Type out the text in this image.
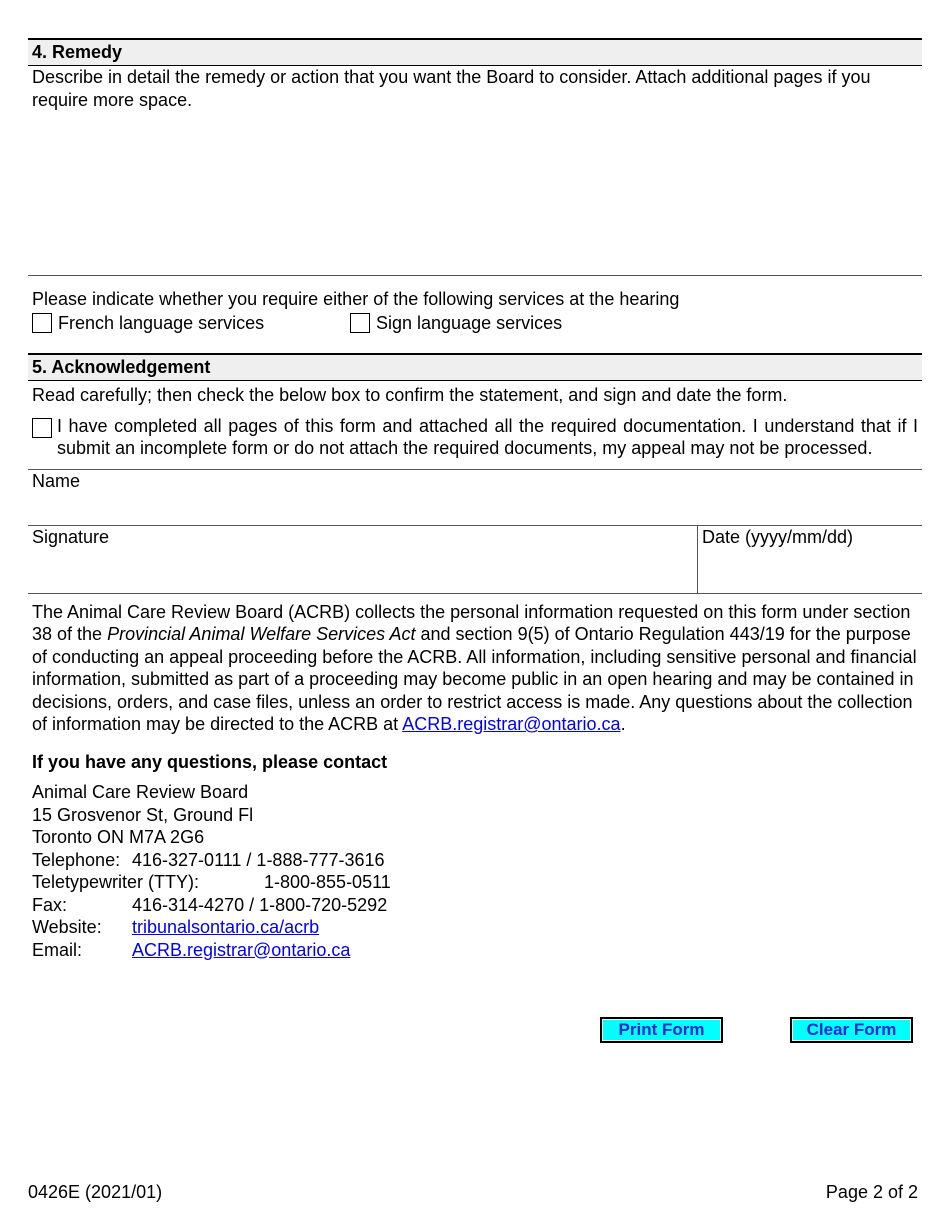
4. Remedy
Describe in detail the remedy or action that you want the Board to consider. Attach additional pages if you require more space.
Please indicate whether you require either of the following services at the hearing
French language services	Sign language services
5. Acknowledgement
Read carefully; then check the below box to confirm the statement, and sign and date the form.
I have completed all pages of this form and attached all the required documentation. I understand that if I submit an incomplete form or do not attach the required documents, my appeal may not be processed.
Name
Signature	Date (yyyy/mm/dd)
The Animal Care Review Board (ACRB) collects the personal information requested on this form under section 38 of the Provincial Animal Welfare Services Act and section 9(5) of Ontario Regulation 443/19 for the purpose of conducting an appeal proceeding before the ACRB. All information, including sensitive personal and financial information, submitted as part of a proceeding may become public in an open hearing and may be contained in decisions, orders, and case files, unless an order to restrict access is made. Any questions about the collection of information may be directed to the ACRB at ACRB.registrar@ontario.ca.
If you have any questions, please contact
Animal Care Review Board
15 Grosvenor St, Ground Fl
Toronto ON M7A 2G6
Telephone: 416-327-0111 / 1-888-777-3616
Teletypewriter (TTY):	1-800-855-0511
Fax:	416-314-4270 / 1-800-720-5292
Website:	tribunalsontario.ca/acrb
Email:	ACRB.registrar@ontario.ca
Print Form	Clear Form
0426E (2021/01)	Page 2 of 2
